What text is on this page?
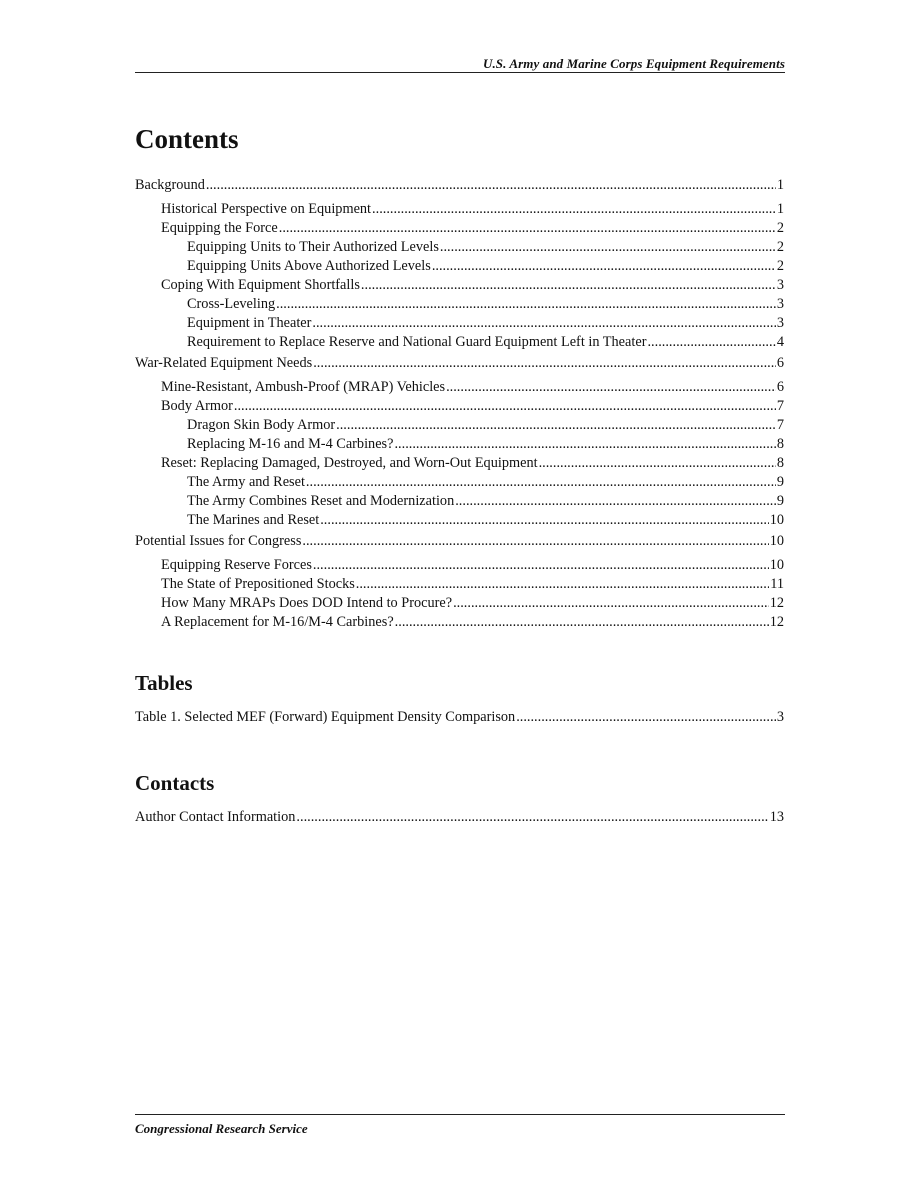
U.S. Army and Marine Corps Equipment Requirements
Contents
Background .....	1
Historical Perspective on Equipment .....	1
Equipping the Force .....	2
Equipping Units to Their Authorized Levels .....	2
Equipping Units Above Authorized Levels .....	2
Coping With Equipment Shortfalls .....	3
Cross-Leveling .....	3
Equipment in Theater .....	3
Requirement to Replace Reserve and National Guard Equipment Left in Theater .....	4
War-Related Equipment Needs .....	6
Mine-Resistant, Ambush-Proof (MRAP) Vehicles .....	6
Body Armor .....	7
Dragon Skin Body Armor .....	7
Replacing M-16 and M-4 Carbines? .....	8
Reset: Replacing Damaged, Destroyed, and Worn-Out Equipment .....	8
The Army and Reset .....	9
The Army Combines Reset and Modernization .....	9
The Marines and Reset .....	10
Potential Issues for Congress .....	10
Equipping Reserve Forces .....	10
The State of Prepositioned Stocks .....	11
How Many MRAPs Does DOD Intend to Procure? .....	12
A Replacement for M-16/M-4 Carbines? .....	12
Tables
Table 1. Selected MEF (Forward) Equipment Density Comparison .....	3
Contacts
Author Contact Information .....	13
Congressional Research Service
